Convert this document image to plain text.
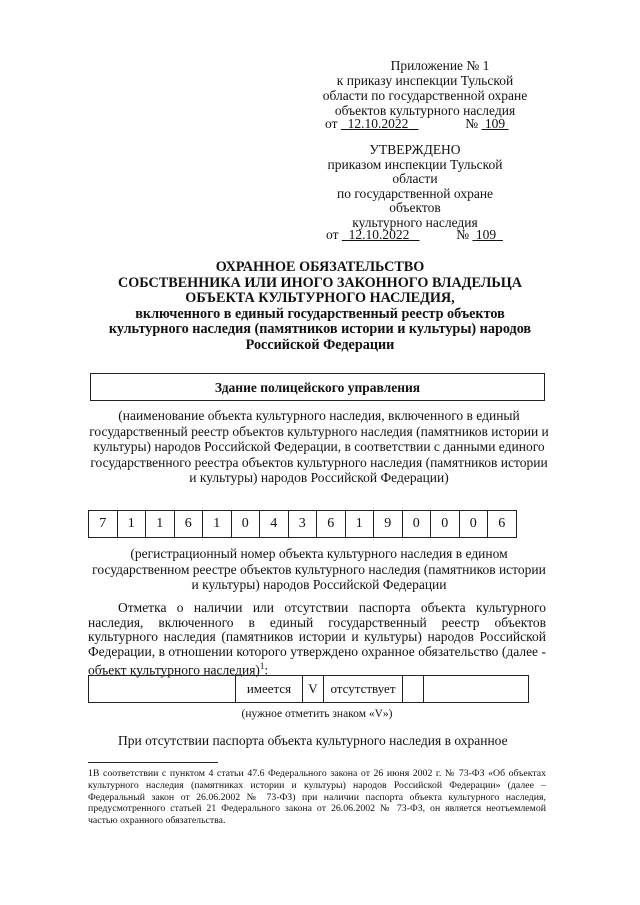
Приложение № 1
к приказу инспекции Тульской
области по государственной охране
объектов культурного наследия
от 12.10.2022	№ 109
УТВЕРЖДЕНО
приказом инспекции Тульской
области
по государственной охране
объектов
культурного наследия
от 12.10.2022	№ 109
ОХРАННОЕ ОБЯЗАТЕЛЬСТВО
СОБСТВЕННИКА ИЛИ ИНОГО ЗАКОННОГО ВЛАДЕЛЬЦА
ОБЪЕКТА КУЛЬТУРНОГО НАСЛЕДИЯ,
включенного в единый государственный реестр объектов
культурного наследия (памятников истории и культуры) народов
Российской Федерации
Здание полицейского управления
(наименование объекта культурного наследия, включенного в единый государственный реестр объектов культурного наследия (памятников истории и культуры) народов Российской Федерации, в соответствии с данными единого государственного реестра объектов культурного наследия (памятников истории и культуры) народов Российской Федерации)
7	1	1	6	1	0	4	3	6	1	9	0	0	0	6
(регистрационный номер объекта культурного наследия в едином государственном реестре объектов культурного наследия (памятников истории и культуры) народов Российской Федерации
Отметка о наличии или отсутствии паспорта объекта культурного наследия, включенного в единый государственный реестр объектов культурного наследия (памятников истории и культуры) народов Российской Федерации, в отношении которого утверждено охранное обязательство (далее - объект культурного наследия)$^1$:
	имеется	V	отсутствует		
(нужное отметить знаком «V»)
При отсутствии паспорта объекта культурного наследия в охранное
1В соответствии с пунктом 4 статьи 47.6 Федерального закона от 26 июня 2002 г. № 73-ФЗ «Об объектах культурного наследия (памятниках истории и культуры) народов Российской Федерации» (далее – Федеральный закон от 26.06.2002 № 73-ФЗ) при наличии паспорта объекта культурного наследия, предусмотренного статьей 21 Федерального закона от 26.06.2002 № 73-ФЗ, он является неотъемлемой частью охранного обязательства.
